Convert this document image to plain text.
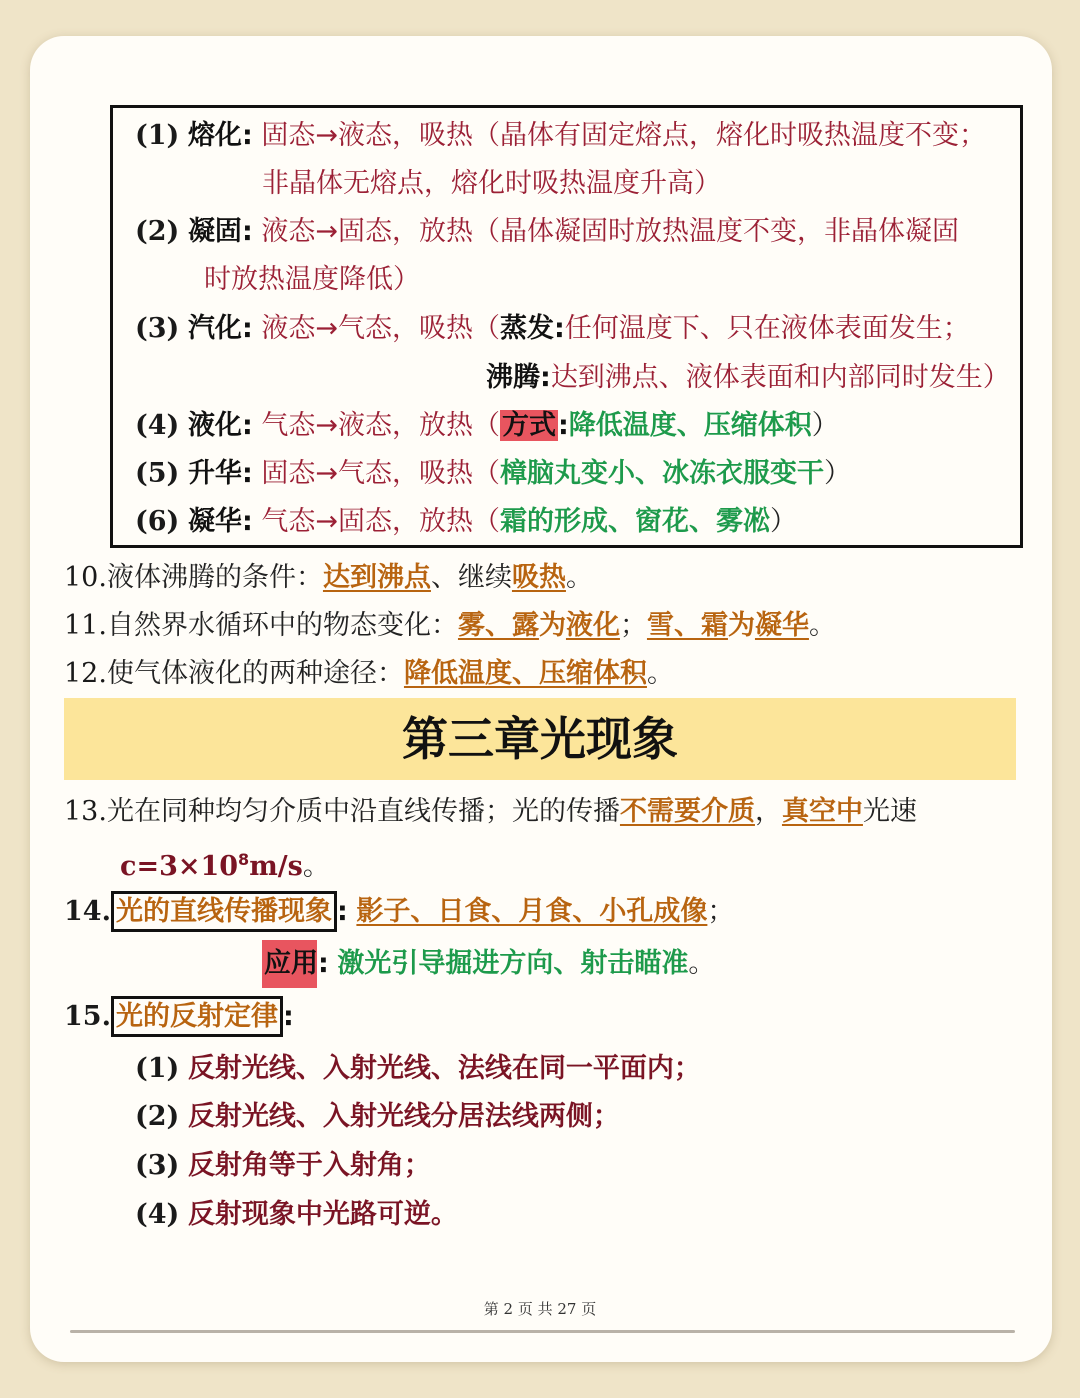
(1) 熔化: 固态→液态，吸热（晶体有固定熔点，熔化时吸热温度不变；
非晶体无熔点，熔化时吸热温度升高）
(2) 凝固: 液态→固态，放热（晶体凝固时放热温度不变，非晶体凝固
时放热温度降低）
(3) 汽化: 液态→气态，吸热（蒸发:任何温度下、只在液体表面发生；
沸腾:达到沸点、液体表面和内部同时发生）
(4) 液化: 气态→液态，放热（方式:降低温度、压缩体积）
(5) 升华: 固态→气态，吸热（樟脑丸变小、冰冻衣服变干）
(6) 凝华: 气态→固态，放热（霜的形成、窗花、雾凇）
10.液体沸腾的条件：达到沸点、继续吸热。
11.自然界水循环中的物态变化：雾、露为液化；雪、霜为凝华。
12.使气体液化的两种途径：降低温度、压缩体积。
第三章光现象
13.光在同种均匀介质中沿直线传播；光的传播不需要介质，真空中光速
$c=3\times 10^8m/s$。
14. 光的直线传播现象 : 影子、日食、月食、小孔成像；
应用: 激光引导掘进方向、射击瞄准。
15. 光的反射定律 :
(1) 反射光线、入射光线、法线在同一平面内；
(2) 反射光线、入射光线分居法线两侧；
(3) 反射角等于入射角；
(4) 反射现象中光路可逆。
第 2 页 共 27 页
